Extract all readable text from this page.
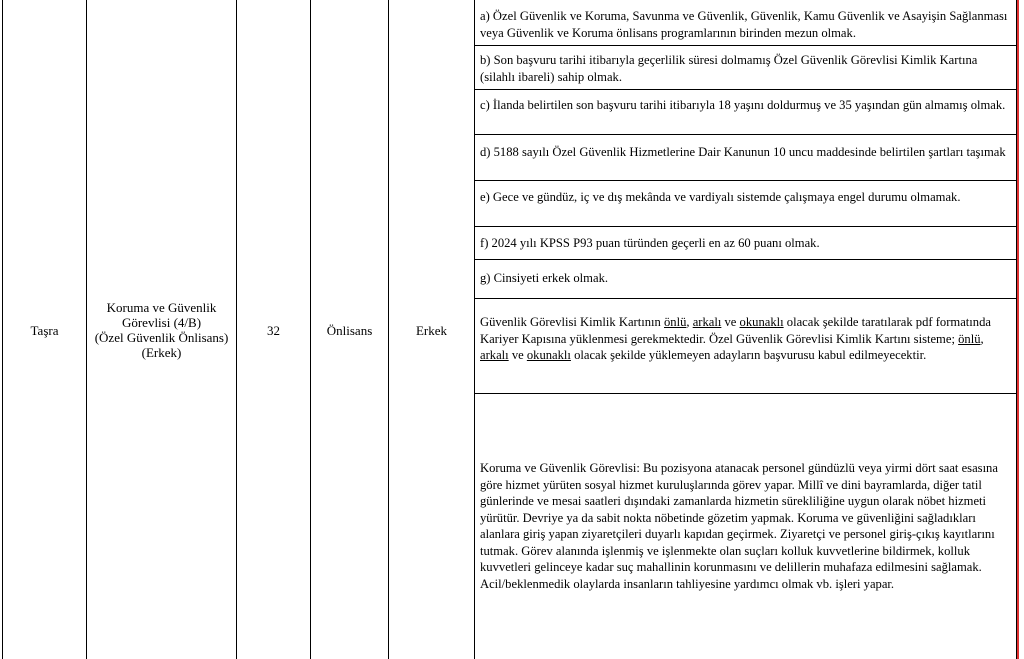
Taşra
Koruma ve Güvenlik
Görevlisi (4/B)
(Özel Güvenlik Önlisans)
(Erkek)
32	Önlisans	Erkek
a) Özel Güvenlik ve Koruma, Savunma ve Güvenlik, Güvenlik, Kamu Güvenlik ve Asayişin Sağlanması veya Güvenlik ve Koruma önlisans programlarının birinden mezun olmak.
b) Son başvuru tarihi itibarıyla geçerlilik süresi dolmamış Özel Güvenlik Görevlisi Kimlik Kartına (silahlı ibareli) sahip olmak.
c) İlanda belirtilen son başvuru tarihi itibarıyla 18 yaşını doldurmuş ve 35 yaşından gün almamış olmak.
d) 5188 sayılı Özel Güvenlik Hizmetlerine Dair Kanunun 10 uncu maddesinde belirtilen şartları taşımak
e) Gece ve gündüz, iç ve dış mekânda ve vardiyalı sistemde çalışmaya engel durumu olmamak.
f) 2024 yılı KPSS P93 puan türünden geçerli en az 60 puanı olmak.
g) Cinsiyeti erkek olmak.
Güvenlik Görevlisi Kimlik Kartının önlü, arkalı ve okunaklı olacak şekilde taratılarak pdf formatında Kariyer Kapısına yüklenmesi gerekmektedir. Özel Güvenlik Görevlisi Kimlik Kartını sisteme; önlü, arkalı ve okunaklı olacak şekilde yüklemeyen adayların başvurusu kabul edilmeyecektir.
Koruma ve Güvenlik Görevlisi: Bu pozisyona atanacak personel gündüzlü veya yirmi dört saat esasına göre hizmet yürüten sosyal hizmet kuruluşlarında görev yapar. Millî ve dini bayramlarda, diğer tatil günlerinde ve mesai saatleri dışındaki zamanlarda hizmetin sürekliliğine uygun olarak nöbet hizmeti yürütür. Devriye ya da sabit nokta nöbetinde gözetim yapmak. Koruma ve güvenliğini sağladıkları alanlara giriş yapan ziyaretçileri duyarlı kapıdan geçirmek. Ziyaretçi ve personel giriş-çıkış kayıtlarını tutmak. Görev alanında işlenmiş ve işlenmekte olan suçları kolluk kuvvetlerine bildirmek, kolluk kuvvetleri gelinceye kadar suç mahallinin korunmasını ve delillerin muhafaza edilmesini sağlamak. Acil/beklenmedik olaylarda insanların tahliyesine yardımcı olmak vb. işleri yapar.
